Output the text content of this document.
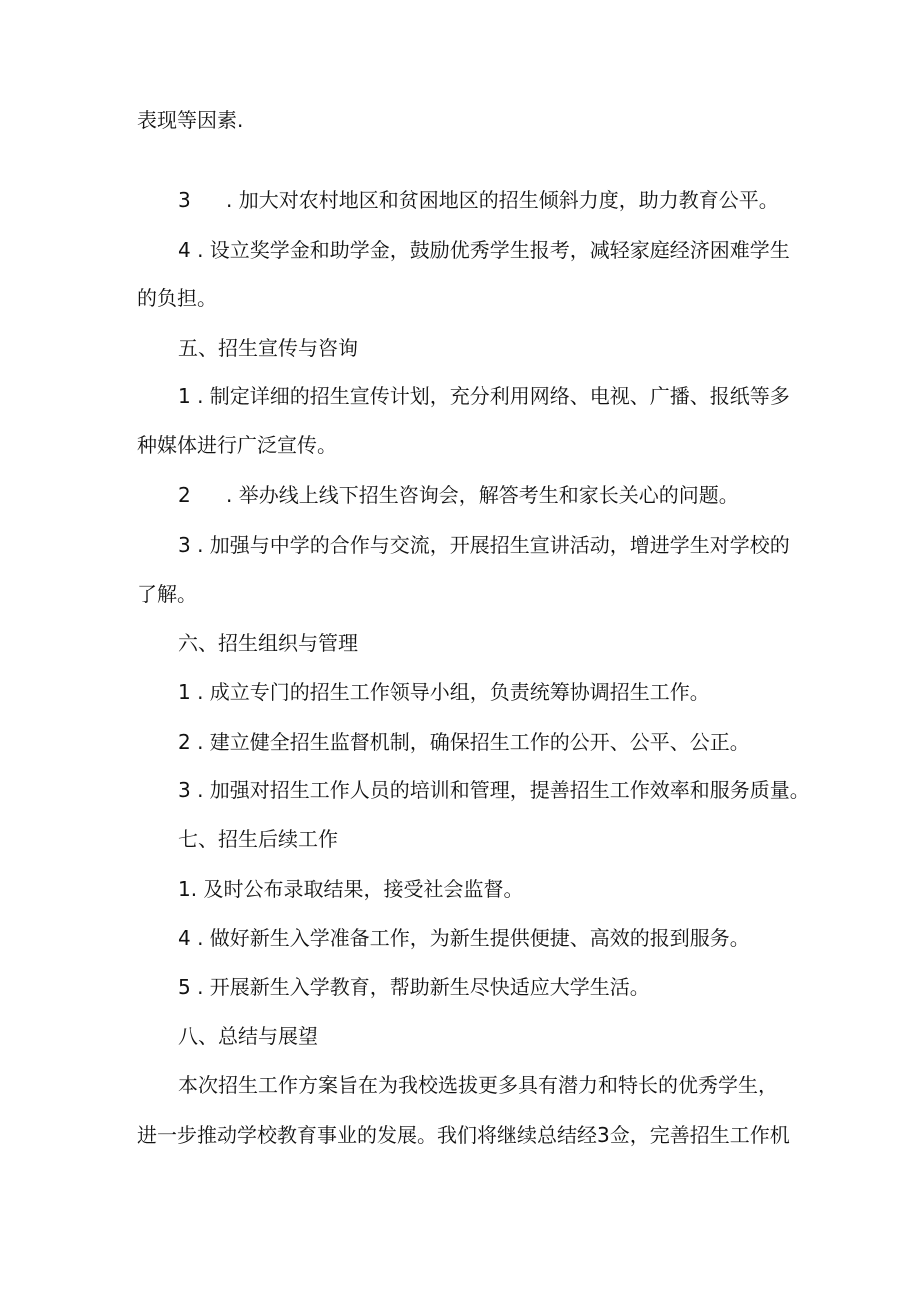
表现等因素.
3 . 加大对农村地区和贫困地区的招生倾斜力度，助力教育公平。
4 . 设立奖学金和助学金，鼓励优秀学生报考，减轻家庭经济困难学生
的负担。
五、招生宣传与咨询
1 . 制定详细的招生宣传计划，充分利用网络、电视、广播、报纸等多
种媒体进行广泛宣传。
2 . 举办线上线下招生咨询会，解答考生和家长关心的问题。
3 . 加强与中学的合作与交流，开展招生宣讲活动，增进学生对学校的
了解。
六、招生组织与管理
1 . 成立专门的招生工作领导小组，负责统筹协调招生工作。
2 . 建立健全招生监督机制，确保招生工作的公开、公平、公正。
3 . 加强对招生工作人员的培训和管理，提善招生工作效率和服务质量。
七、招生后续工作
1. 及时公布录取结果，接受社会监督。
4 . 做好新生入学准备工作，为新生提供便捷、高效的报到服务。
5 . 开展新生入学教育，帮助新生尽快适应大学生活。
八、总结与展望
本次招生工作方案旨在为我校选拔更多具有潜力和特长的优秀学生，
进一步推动学校教育事业的发展。我们将继续总结经3佥，完善招生工作机
